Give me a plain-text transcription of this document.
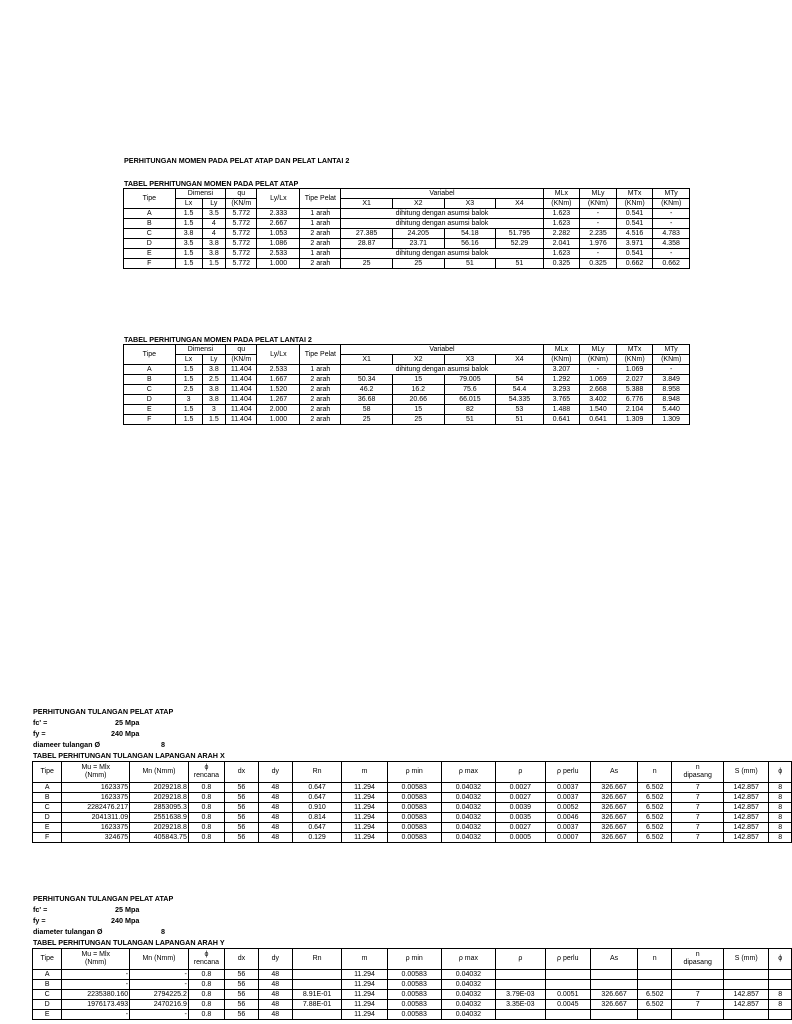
PERHITUNGAN MOMEN PADA PELAT ATAP DAN PELAT LANTAI 2
TABEL PERHITUNGAN MOMEN PADA PELAT ATAP
Tipe	Dimensi		qu	Ly/Lx	Tipe Pelat	Variabel				MLx	MLy	MTx	MTy
	Lx	Ly	(KN/m			X1	X2	X3	X4	(KNm)	(KNm)	(KNm)	(KNm)
A	1.5	3.5	5.772	2.333	1 arah	dihitung dengan asumsi balok				1.623	-	0.541	-
B	1.5	4	5.772	2.667	1 arah	dihitung dengan asumsi balok				1.623	-	0.541	-
C	3.8	4	5.772	1.053	2 arah	27.385	24.205	54.18	51.795	2.282	2.235	4.516	4.783
D	3.5	3.8	5.772	1.086	2 arah	28.87	23.71	56.16	52.29	2.041	1.976	3.971	4.358
E	1.5	3.8	5.772	2.533	1 arah	dihitung dengan asumsi balok				1.623	-	0.541	-
F	1.5	1.5	5.772	1.000	2 arah	25	25	51	51	0.325	0.325	0.662	0.662
TABEL PERHITUNGAN MOMEN PADA PELAT LANTAI 2
Tipe	Dimensi		qu	Ly/Lx	Tipe Pelat	Variabel				MLx	MLy	MTx	MTy
	Lx	Ly	(KN/m			X1	X2	X3	X4	(KNm)	(KNm)	(KNm)	(KNm)
A	1.5	3.8	11.404	2.533	1 arah	dihitung dengan asumsi balok				3.207	-	1.069	-
B	1.5	2.5	11.404	1.667	2 arah	50.34	15	79.005	54	1.292	1.069	2.027	3.849
C	2.5	3.8	11.404	1.520	2 arah	46.2	16.2	75.6	54.4	3.293	2.668	5.388	8.958
D	3	3.8	11.404	1.267	2 arah	36.68	20.66	66.015	54.335	3.765	3.402	6.776	8.948
E	1.5	3	11.404	2.000	2 arah	58	15	82	53	1.488	1.540	2.104	5.440
F	1.5	1.5	11.404	1.000	2 arah	25	25	51	51	0.641	0.641	1.309	1.309
PERHITUNGAN TULANGAN PELAT ATAP
fc' =	25 Mpa
fy =	240 Mpa
diameer tulangan Ø	8
TABEL PERHITUNGAN TULANGAN LAPANGAN ARAH X
Tipe	Mu = Mlx
(Nmm)	Mn (Nmm)	ϕ
rencana	dx	dy	Rn	m	ρ min	ρ max	ρ	ρ perlu	As	n	n
dipasang	S (mm)	ϕ
A	1623375	2029218.8	0.8	56	48	0.647	11.294	0.00583	0.04032	0.0027	0.0037	326.667	6.502	7	142.857	8
B	1623375	2029218.8	0.8	56	48	0.647	11.294	0.00583	0.04032	0.0027	0.0037	326.667	6.502	7	142.857	8
C	2282476.217	2853095.3	0.8	56	48	0.910	11.294	0.00583	0.04032	0.0039	0.0052	326.667	6.502	7	142.857	8
D	2041311.09	2551638.9	0.8	56	48	0.814	11.294	0.00583	0.04032	0.0035	0.0046	326.667	6.502	7	142.857	8
E	1623375	2029218.8	0.8	56	48	0.647	11.294	0.00583	0.04032	0.0027	0.0037	326.667	6.502	7	142.857	8
F	324675	405843.75	0.8	56	48	0.129	11.294	0.00583	0.04032	0.0005	0.0007	326.667	6.502	7	142.857	8
PERHITUNGAN TULANGAN PELAT ATAP
fc' =	25 Mpa
fy =	240 Mpa
diameter tulangan Ø	8
TABEL PERHITUNGAN TULANGAN LAPANGAN ARAH Y
Tipe	Mu = Mlx
(Nmm)	Mn (Nmm)	ϕ
rencana	dx	dy	Rn	m	ρ min	ρ max	ρ	ρ perlu	As	n	n
dipasang	S (mm)	ϕ
A	-	-	0.8	56	48		11.294	0.00583	0.04032							
B	-	-	0.8	56	48		11.294	0.00583	0.04032							
C	2235380.160	2794225.2	0.8	56	48	8.91E-01	11.294	0.00583	0.04032	3.79E-03	0.0051	326.667	6.502	7	142.857	8
D	1976173.493	2470216.9	0.8	56	48	7.88E-01	11.294	0.00583	0.04032	3.35E-03	0.0045	326.667	6.502	7	142.857	8
E	-	-	0.8	56	48		11.294	0.00583	0.04032							
